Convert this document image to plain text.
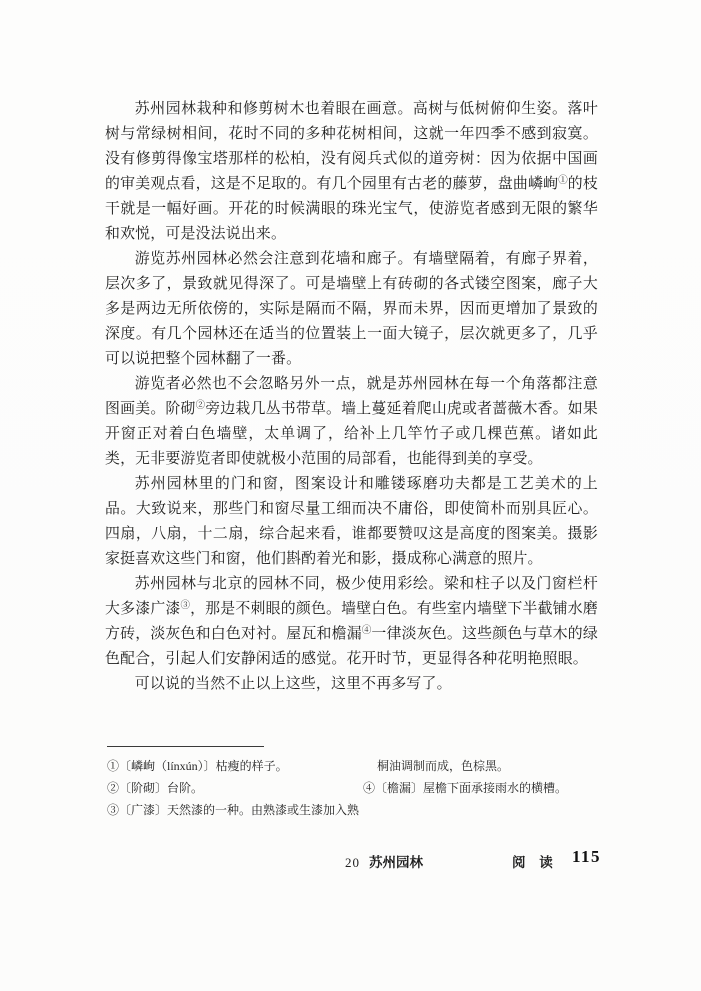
苏州园林栽种和修剪树木也着眼在画意。高树与低树俯仰生姿。落叶树与常绿树相间，花时不同的多种花树相间，这就一年四季不感到寂寞。没有修剪得像宝塔那样的松柏，没有阅兵式似的道旁树：因为依据中国画的审美观点看，这是不足取的。有几个园里有古老的藤萝，盘曲嶙峋①的枝干就是一幅好画。开花的时候满眼的珠光宝气，使游览者感到无限的繁华和欢悦，可是没法说出来。

游览苏州园林必然会注意到花墙和廊子。有墙壁隔着，有廊子界着，层次多了，景致就见得深了。可是墙壁上有砖砌的各式镂空图案，廊子大多是两边无所依傍的，实际是隔而不隔，界而未界，因而更增加了景致的深度。有几个园林还在适当的位置装上一面大镜子，层次就更多了，几乎可以说把整个园林翻了一番。

游览者必然也不会忽略另外一点，就是苏州园林在每一个角落都注意图画美。阶砌②旁边栽几丛书带草。墙上蔓延着爬山虎或者蔷薇木香。如果开窗正对着白色墙壁，太单调了，给补上几竿竹子或几棵芭蕉。诸如此类，无非要游览者即使就极小范围的局部看，也能得到美的享受。

苏州园林里的门和窗，图案设计和雕镂琢磨功夫都是工艺美术的上品。大致说来，那些门和窗尽量工细而决不庸俗，即使简朴而别具匠心。四扇，八扇，十二扇，综合起来看，谁都要赞叹这是高度的图案美。摄影家挺喜欢这些门和窗，他们斟酌着光和影，摄成称心满意的照片。

苏州园林与北京的园林不同，极少使用彩绘。梁和柱子以及门窗栏杆大多漆广漆③，那是不刺眼的颜色。墙壁白色。有些室内墙壁下半截铺水磨方砖，淡灰色和白色对衬。屋瓦和檐漏④一律淡灰色。这些颜色与草木的绿色配合，引起人们安静闲适的感觉。花开时节，更显得各种花明艳照眼。

可以说的当然不止以上这些，这里不再多写了。

①〔嶙峋（línxún）〕枯瘦的样子。
②〔阶砌〕台阶。
③〔广漆〕天然漆的一种。由熟漆或生漆加入熟
桐油调制而成，色棕黑。
④〔檐漏〕屋檐下面承接雨水的横槽。
20 苏州园林	阅 读 115
